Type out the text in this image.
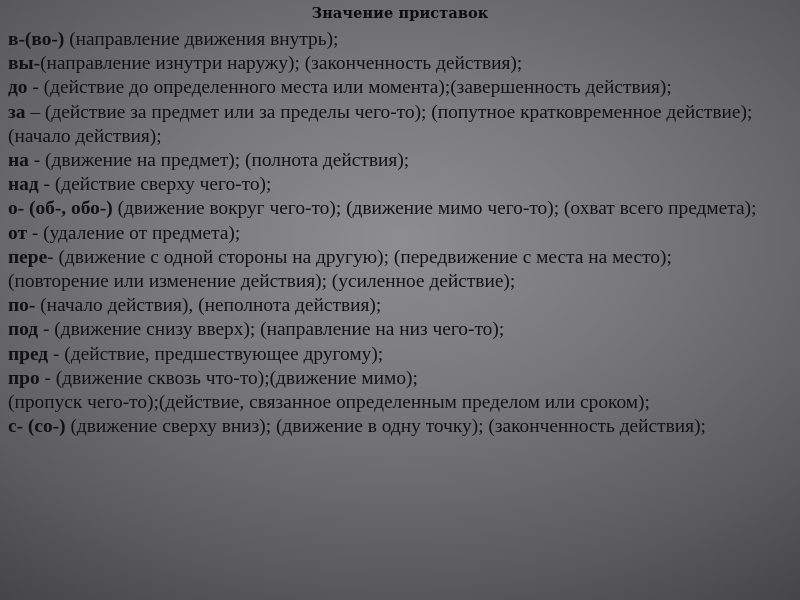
Значение приставок

в-(во-) (направление движения внутрь);

вы-(направление изнутри наружу); (законченность действия);

до - (действие до определенного места или момента);(завершенность действия);

за – (действие за предмет или за пределы чего-то); (попутное кратковременное действие); (начало действия);

на - (движение на предмет); (полнота действия);

над - (действие сверху чего-то);

о- (об-, обо-) (движение вокруг чего-то); (движение мимо чего-то); (охват всего предмета);

от - (удаление от предмета);

пере- (движение с одной стороны на другую); (передвижение с места на место);

(повторение или изменение действия); (усиленное действие);

по- (начало действия), (неполнота действия);

под - (движение снизу вверх); (направление на низ чего-то);

пред - (действие, предшествующее другому);

про - (движение сквозь что-то);(движение мимо);

(пропуск чего-то);(действие, связанное определенным пределом или сроком);

с- (со-) (движение сверху вниз); (движение в одну точку); (законченность действия);
